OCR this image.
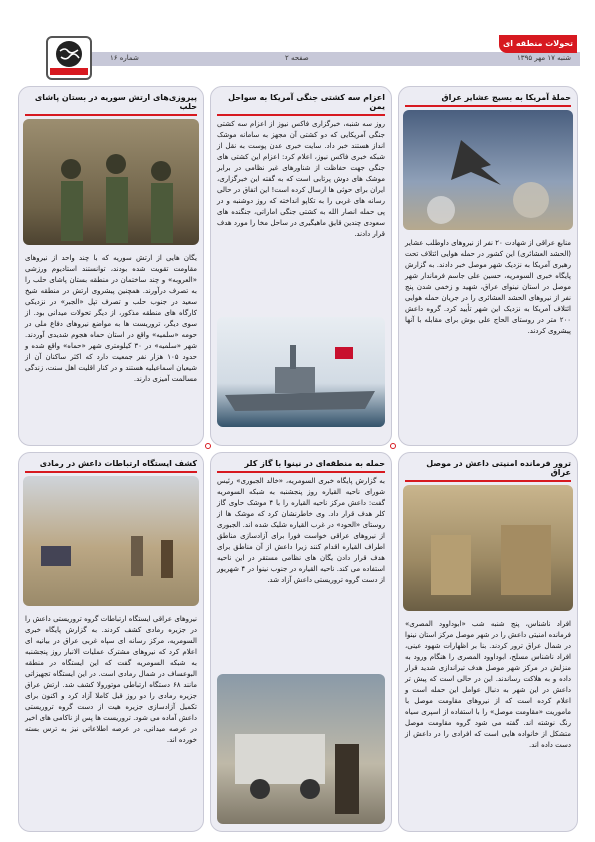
تحولات منطقه ای
شنبه ۱۷ مهر ۱۳۹۵
صفحه ۲
شماره ۱۶
حملهٔ آمریکا به بسیج عشایر عراق
منابع عراقی از شهادت ۲۰ نفر از نیروهای داوطلب عشایر (الحشد العشائری) این کشور در حمله هوایی ائتلاف تحت رهبری آمریکا به نزدیک شهر موصل خبر دادند. به گزارش پایگاه خبری السومریه، حسین علی جاسم فرماندار شهر موصل در استان نینوای عراق، شهید و زخمی شدن پنج نفر از نیروهای الحشد العشائری را در جریان حمله هوایی ائتلاف آمریکا به نزدیک این شهر تأیید کرد. گروه داعش ۲۰۰ متر در روستای الحاج علی بوش برای مقابله با آنها پیشروی کردند.
اعزام سه کشتی جنگی آمریکا به سواحل یمن
روز سه شنبه، خبرگزاری فاکس نیوز از اعزام سه کشتی جنگی آمریکایی که دو کشتی آن مجهز به سامانه موشک انداز هستند خبر داد. سایت خبری عدن پوست به نقل از شبکه خبری فاکس نیوز، اعلام کرد: اعزام این کشتی های جنگی جهت حفاظت از شناورهای غیر نظامی در برابر موشک های دوش پرتابی است که به گفته این خبرگزاری، ایران برای حوثی ها ارسال کرده است! این اتفاق در حالی رسانه های غربی را به تکاپو انداخته که روز دوشنبه و در پی حمله انصار الله به کشتی جنگی اماراتی، جنگنده های سعودی چندین قایق ماهیگیری در ساحل مخا را مورد هدف قرار دادند.
پیروزی‌های ارتش سوریه در بستان پاشای حلب
یگان هایی از ارتش سوریه که با چند واحد از نیروهای مقاومت تقویت شده بودند، توانستند استادیوم ورزشی «العروبه» و چند ساختمان در منطقه بستان پاشای حلب را به تصرف درآورند. همچنین پیشروی ارتش در منطقه شیخ سعید در جنوب حلب و تصرف تپل «الجبر» در نزدیکی کارگاه های منطقه مذکور، از دیگر تحولات میدانی بود. از سوی دیگر، تروریست ها به مواضع نیروهای دفاع ملی در حومه «سلمیه» واقع در استان حماه هجوم شدیدی آوردند. شهر «سلمیه» در ۳۰ کیلومتری شهر «حماه» واقع شده و حدود ۱۰۵ هزار نفر جمعیت دارد که اکثر ساکنان آن از شیعیان اسماعیلیه هستند و در کنار اقلیت اهل سنت، زندگی مسالمت آمیزی دارند.
ترور فرمانده امنیتی داعش در موصل عراق
افراد ناشناس، پنج شنبه شب «ابوداوود المصری» فرمانده امنیتی داعش را در شهر موصل مرکز استان نینوا در شمال عراق ترور کردند. بنا بر اظهارات شهود عینی، افراد ناشناس مسلح، ابوداوود المصری را هنگام ورود به منزلش در مرکز شهر موصل هدف تیراندازی شدید قرار داده و به هلاکت رساندند. این در حالی است که پیش تر داعش در این شهر به دنبال عوامل این حمله است و اعلام کرده است که از نیروهای مقاومت موصل با ماموریت «مقاومت موصل» را با استفاده از اسپری سیاه رنگ نوشته اند. گفته می شود گروه مقاومت موصل متشکل از خانواده هایی است که افرادی را در داعش از دست داده اند.
حمله به منطقه‌ای در نینوا با گاز کلر
به گزارش پایگاه خبری السومریه، «خالد الجبوری» رئیس شورای ناحیه القیاره روز پنجشنبه به شبکه السومریه گفت: داعش مرکز ناحیه القیاره را با ۴ موشک حاوی گاز کلر هدف قرار داد. وی خاطرنشان کرد که موشک ها از روستای «الحود» در غرب القیاره شلیک شده اند. الجبوری از نیروهای عراقی خواست فورا برای آزادسازی مناطق اطراف القیاره اقدام کنند زیرا داعش از آن مناطق برای هدف قرار دادن یگان های نظامی مستقر در این ناحیه استفاده می کند. ناحیه القیاره در جنوب نینوا در ۴ شهریور از دست گروه تروریستی داعش آزاد شد.
کشف ایستگاه ارتباطات داعش در رمادی
نیروهای عراقی ایستگاه ارتباطات گروه تروریستی داعش را در جزیره رمادی کشف کردند. به گزارش پایگاه خبری السومریه، مرکز رسانه ای سپاه غربی عراق در بیانیه ای اعلام کرد که نیروهای مشترک عملیات الانبار روز پنجشنبه به شبکه السومریه گفت که این ایستگاه در منطقه البوعساف در شمال رمادی است. در این ایستگاه تجهیزاتی مانند ۶۸ دستگاه ارتباطی موتورولا کشف شد. ارتش عراق جزیره رمادی را دو روز قبل کاملا آزاد کرد و اکنون برای تکمیل آزادسازی جزیره هیت از دست گروه تروریستی داعش آماده می شود. تروریست ها پس از ناکامی های اخیر در عرصه میدانی، در عرصه اطلاعاتی نیز به ترس بسته خورده اند.
